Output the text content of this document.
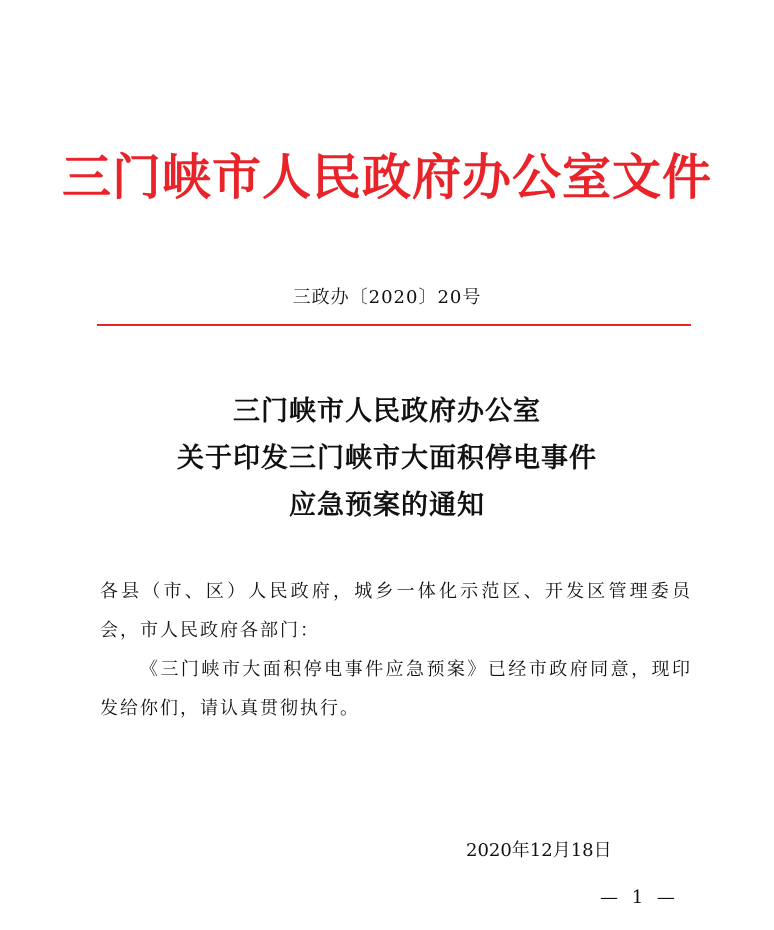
三门峡市人民政府办公室文件
三政办〔2020〕20号
三门峡市人民政府办公室
关于印发三门峡市大面积停电事件
应急预案的通知

各县（市、区）人民政府，城乡一体化示范区、开发区管理委员会，市人民政府各部门：

《三门峡市大面积停电事件应急预案》已经市政府同意，现印发给你们，请认真贯彻执行。

2020年12月18日
— 1 —
